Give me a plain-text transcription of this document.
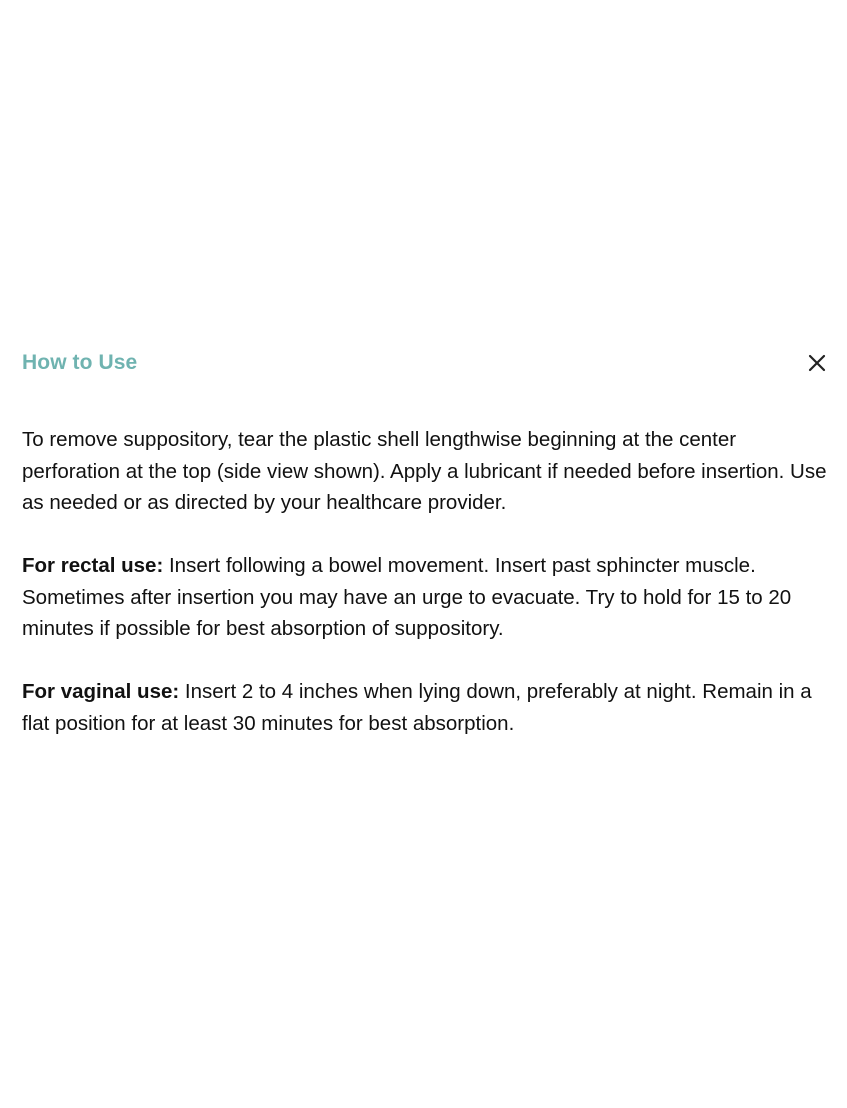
How to Use

To remove suppository, tear the plastic shell lengthwise beginning at the center perforation at the top (side view shown). Apply a lubricant if needed before insertion. Use as needed or as directed by your healthcare provider.

For rectal use: Insert following a bowel movement. Insert past sphincter muscle. Sometimes after insertion you may have an urge to evacuate. Try to hold for 15 to 20 minutes if possible for best absorption of suppository.

For vaginal use: Insert 2 to 4 inches when lying down, preferably at night. Remain in a flat position for at least 30 minutes for best absorption.
